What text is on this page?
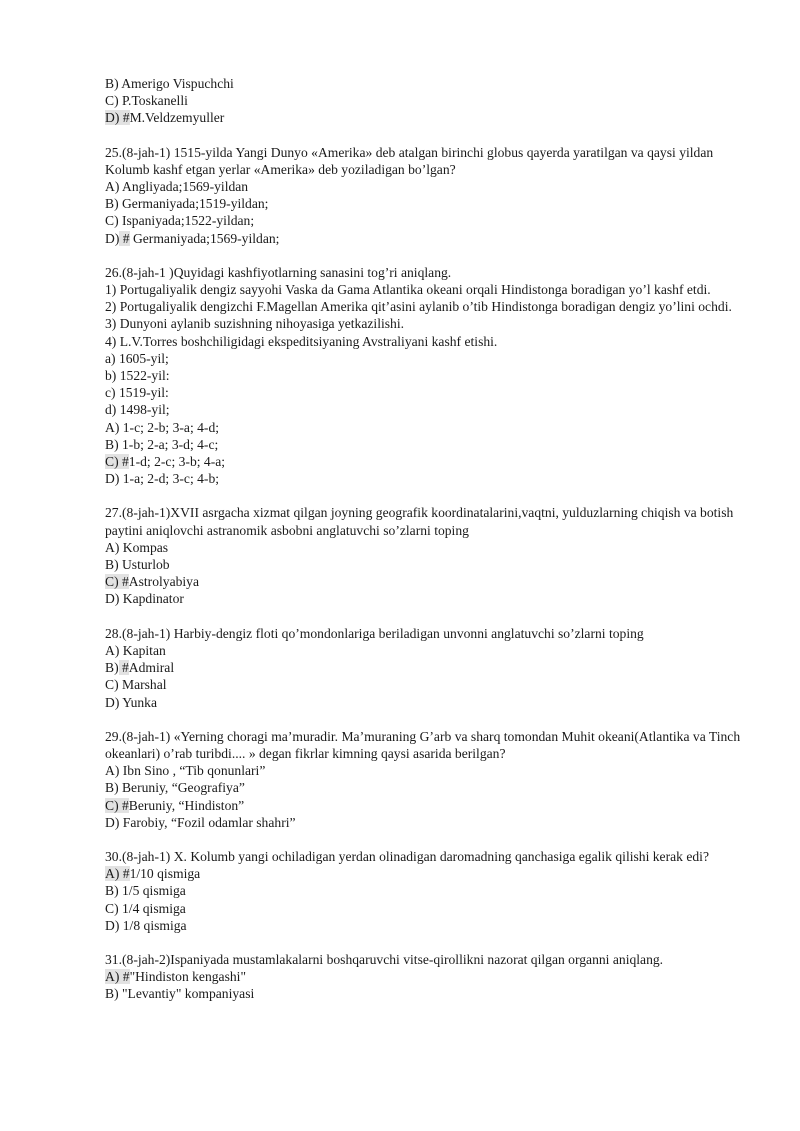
B) Amerigo Vispuchchi
C) P.Toskanelli
D) #M.Veldzemyuller
25.(8-jah-1) 1515-yilda Yangi Dunyo «Amerika» deb atalgan birinchi globus qayerda yaratilgan va qaysi yildan Kolumb kashf etgan yerlar «Amerika» deb yoziladigan bo’lgan?
A) Angliyada;1569-yildan
B) Germaniyada;1519-yildan;
C) Ispaniyada;1522-yildan;
D) # Germaniyada;1569-yildan;
26.(8-jah-1 )Quyidagi kashfiyotlarning sanasini tog’ri aniqlang.
1) Portugaliyalik dengiz sayyohi Vaska da Gama Atlantika okeani orqali Hindistonga boradigan yo’l kashf etdi.
2) Portugaliyalik dengizchi F.Magellan Amerika qit’asini aylanib o’tib Hindistonga boradigan dengiz yo’lini ochdi.
3) Dunyoni aylanib suzishning nihoyasiga yetkazilishi.
4) L.V.Torres boshchiligidagi ekspeditsiyaning Avstraliyani kashf etishi.
a) 1605-yil;
b) 1522-yil:
c) 1519-yil:
d) 1498-yil;
A) 1-c; 2-b; 3-a; 4-d;
B) 1-b; 2-a; 3-d; 4-c;
C) #1-d; 2-c; 3-b; 4-a;
D) 1-a; 2-d; 3-c; 4-b;
27.(8-jah-1)XVII asrgacha xizmat qilgan joyning geografik koordinatalarini,vaqtni, yulduzlarning chiqish va botish paytini aniqlovchi astranomik asbobni anglatuvchi so’zlarni toping
A) Kompas
B) Usturlob
C) #Astrolyabiya
D) Kapdinator
28.(8-jah-1) Harbiy-dengiz floti qo’mondonlariga beriladigan unvonni anglatuvchi so’zlarni toping
A) Kapitan
B) #Admiral
C) Marshal
D) Yunka
29.(8-jah-1) «Yerning choragi ma’muradir. Ma’muraning G’arb va sharq tomondan Muhit okeani(Atlantika va Tinch okeanlari) o’rab turibdi.... » degan fikrlar kimning qaysi asarida berilgan?
A) Ibn Sino , “Tib qonunlari”
B) Beruniy, “Geografiya”
C) #Beruniy, “Hindiston”
D) Farobiy, “Fozil odamlar shahri”
30.(8-jah-1) X. Kolumb yangi ochiladigan yerdan olinadigan daromadning qanchasiga egalik qilishi kerak edi?
A) #1/10 qismiga
B) 1/5 qismiga
C) 1/4 qismiga
D) 1/8 qismiga
31.(8-jah-2)Ispaniyada mustamlakalarni boshqaruvchi vitse-qirollikni nazorat qilgan organni aniqlang.
A) #"Hindiston kengashi"
B) "Levantiy" kompaniyasi
